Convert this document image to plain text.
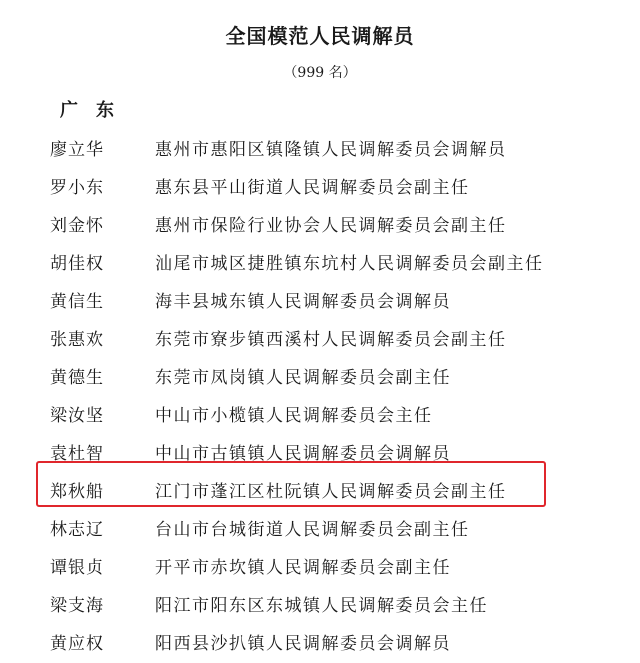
全国模范人民调解员
（999 名）
广东
廖立华	惠州市惠阳区镇隆镇人民调解委员会调解员
罗小东	惠东县平山街道人民调解委员会副主任
刘金怀	惠州市保险行业协会人民调解委员会副主任
胡佳权	汕尾市城区捷胜镇东坑村人民调解委员会副主任
黄信生	海丰县城东镇人民调解委员会调解员
张惠欢	东莞市寮步镇西溪村人民调解委员会副主任
黄德生	东莞市凤岗镇人民调解委员会副主任
梁汝坚	中山市小榄镇人民调解委员会主任
袁杜智	中山市古镇镇人民调解委员会调解员
郑秋船	江门市蓬江区杜阮镇人民调解委员会副主任
林志辽	台山市台城街道人民调解委员会副主任
谭银贞	开平市赤坎镇人民调解委员会副主任
梁支海	阳江市阳东区东城镇人民调解委员会主任
黄应权	阳西县沙扒镇人民调解委员会调解员
